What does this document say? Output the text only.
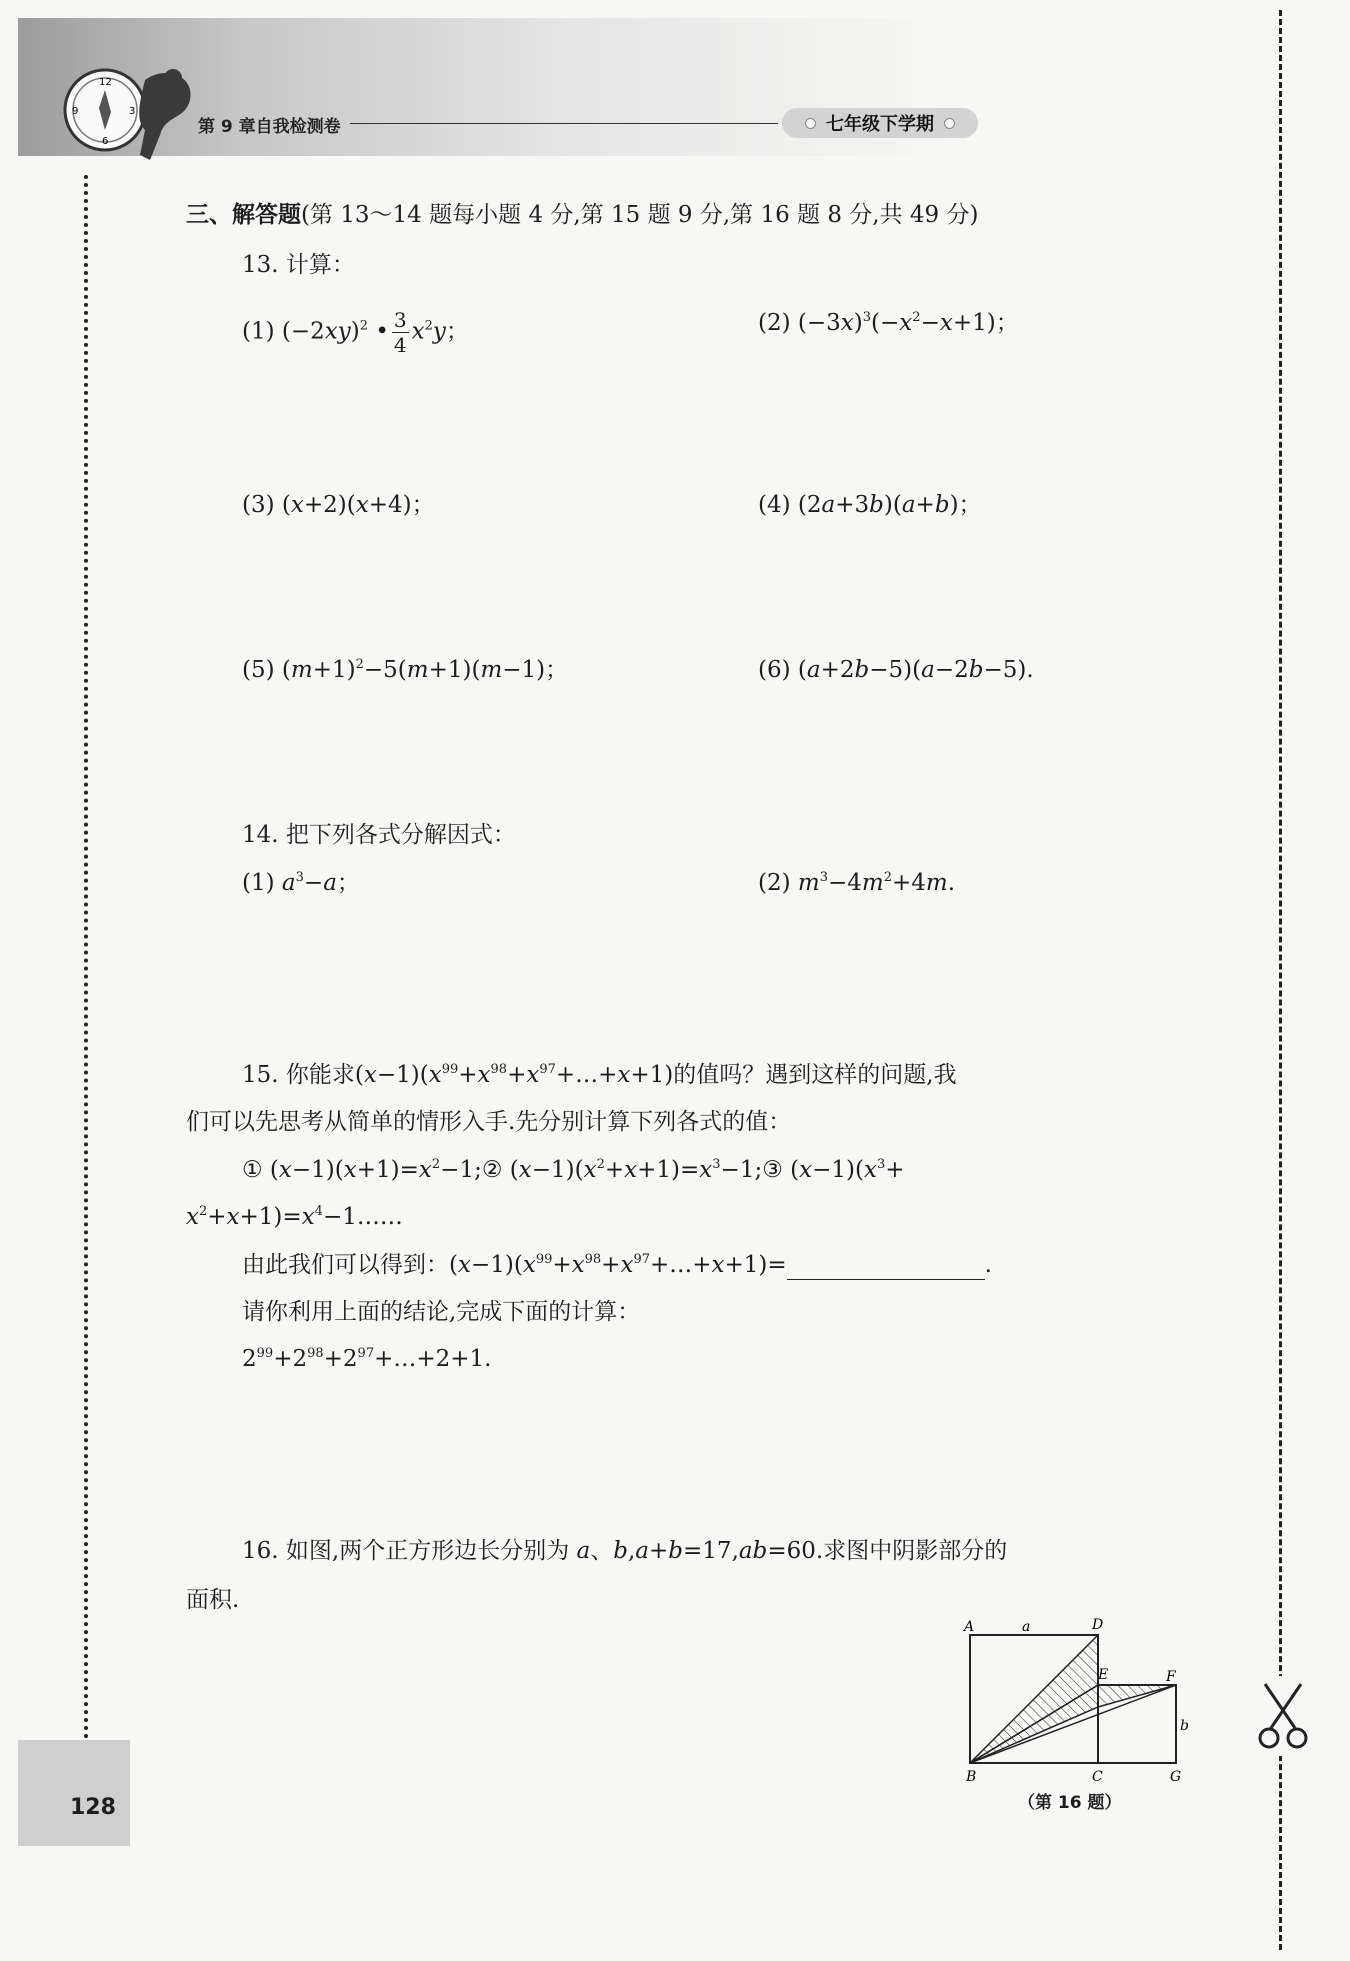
12
3
6
9
第 9 章自我检测卷	七年级下学期
128
三、解答题(第 13～14 题每小题 4 分,第 15 题 9 分,第 16 题 8 分,共 49 分)
13. 计算：
(1) $(-2xy)^2$ • $\frac{3}{4} x^2y$；	(2) $(-3x)^3(-x^2-x+1)$；
(3) (x+2)(x+4)；	(4) (2a+3b)(a+b)；
(5) $(m+1)^2-5(m+1)(m-1)$；	(6) (a+2b−5)(a−2b−5).
14. 把下列各式分解因式：
(1) $a^3-a$；	(2) $m^3-4m^2+4m$.
15. 你能求$(x-1)(x^{99}+x^{98}+x^{97}+\dots+x+1)$的值吗？遇到这样的问题,我
们可以先思考从简单的情形入手.先分别计算下列各式的值：
① $(x-1)(x+1)=x^2-1;②$ $(x-1)(x^2+x+1)=x^3-1;③$ $(x-1)(x^3+$
$x^2+x+1)=x^4-1\dots\dots$
由此我们可以得到：$(x-1)(x^{99}+x^{98}+x^{97}+\dots+x+1)=$	.
请你利用上面的结论,完成下面的计算：
$2^{99}+2^{98}+2^{97}+\dots+2+1$.
16. 如图,两个正方形边长分别为 a、b,a+b=17,ab=60.求图中阴影部分的
面积.
A	a	D
E	F
b
B	C	G
（第 16 题）
